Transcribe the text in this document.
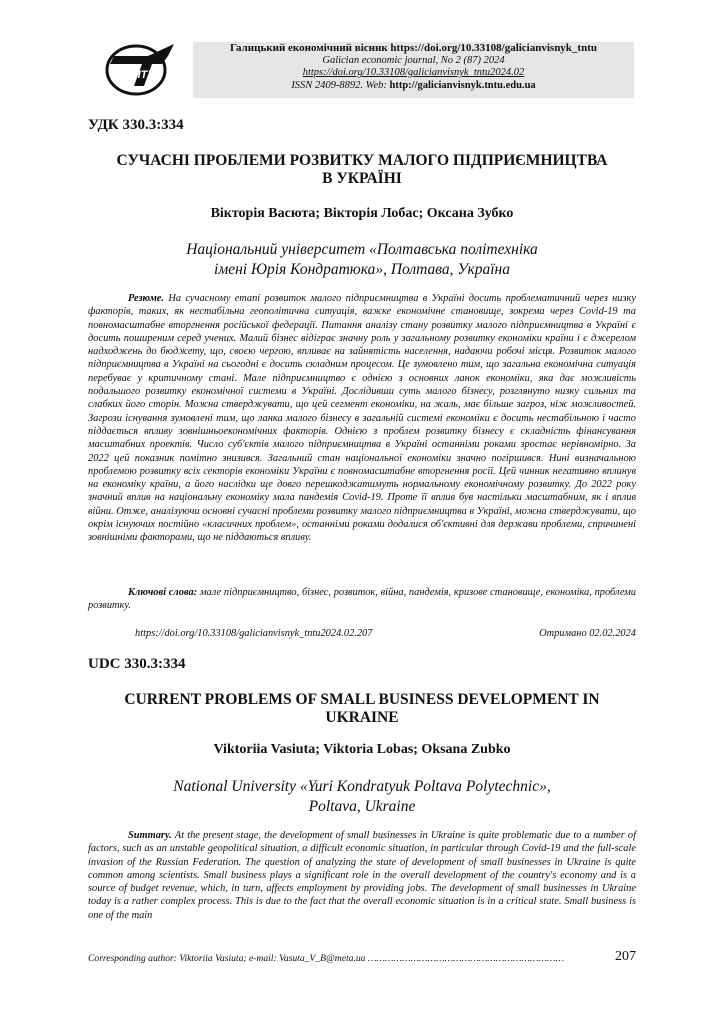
ТНТУ
Галицький економічний вісник https://doi.org/10.33108/galicianvisnyk_tntu
Galician economic journal, No 2 (87) 2024
https://doi.org/10.33108/galicianvisnyk_tntu2024.02
ISSN 2409-8892. Web: http://galicianvisnyk.tntu.edu.ua
УДК 330.3:334
СУЧАСНІ ПРОБЛЕМИ РОЗВИТКУ МАЛОГО ПІДПРИЄМНИЦТВА
В УКРАЇНІ
Вікторія Васюта; Вікторія Лобас; Оксана Зубко
Національний університет «Полтавська політехніка
імені Юрія Кондратюка», Полтава, Україна
Резюме. На сучасному етапі розвиток малого підприємництва в Україні досить проблематичний через низку факторів, таких, як нестабільна геополітична ситуація, важке економічне становище, зокрема через Covid-19 та повномасштабне вторгнення російської федерації. Питання аналізу стану розвитку малого підприємництва в Україні є досить поширеним серед учених. Малий бізнес відіграє значну роль у загальному розвитку економіки країни і є джерелом надходжень до бюджету, що, своєю чергою, впливає на зайнятість населення, надаючи робочі місця. Розвиток малого підприємництва в Україні на сьогодні є досить складним процесом. Це зумовлено тим, що загальна економічна ситуація перебуває у критичному стані. Мале підприємництво є однією з основних ланок економіки, яка дає можливість подальшого розвитку економічної системи в Україні. Дослідивши суть малого бізнесу, розглянуто низку сильних та слабких його сторін. Можна стверджувати, що цей сегмент економіки, на жаль, має більше загроз, ніж можливостей. Загрози існування зумовлені тим, що ланка малого бізнесу в загальній системі економіки є досить нестабільною і часто піддається впливу зовнішньоекономічних факторів. Однією з проблем розвитку бізнесу є складність фінансування масштабних проектів. Число суб'єктів малого підприємництва в Україні останніми роками зростає нерівномірно. За 2022 цей показник помітно знизився. Загальний стан національної економіки значно погіршився. Нині визначальною проблемою розвитку всіх секторів економіки України є повномасштабне вторгнення росії. Цей чинник негативно вплинув на економіку країни, а його наслідки ще довго перешкоджатимуть нормальному економічному розвитку. До 2022 року значний вплив на національну економіку мала пандемія Covid-19. Проте її вплив був настільки масштабним, як і вплив війни. Отже, аналізуючи основні сучасні проблеми розвитку малого підприємництва в Україні, можна стверджувати, що окрім існуючих постійно «класичних проблем», останніми роками додалися об'єктивні для держави проблеми, спричинені зовнішніми факторами, що не піддаються впливу.
Ключові слова: мале підприємництво, бізнес, розвиток, війна, пандемія, кризове становище, економіка, проблеми розвитку.
https://doi.org/10.33108/galicianvisnyk_tntu2024.02.207	Отримано 02.02.2024
UDC 330.3:334
CURRENT PROBLEMS OF SMALL BUSINESS DEVELOPMENT IN
UKRAINE
Viktoriia Vasiuta; Viktoria Lobas; Oksana Zubko
National University «Yuri Kondratyuk Poltava Polytechnic»,
Poltava, Ukraine
Summary. At the present stage, the development of small businesses in Ukraine is quite problematic due to a number of factors, such as an unstable geopolitical situation, a difficult economic situation, in particular through Covid-19 and the full-scale invasion of the Russian Federation. The question of analyzing the state of development of small businesses in Ukraine is quite common among scientists. Small business plays a significant role in the overall development of the country's economy and is a source of budget revenue, which, in turn, affects employment by providing jobs. The development of small businesses in Ukraine today is a rather complex process. This is due to the fact that the overall economic situation is in a critical state. Small business is one of the main
Corresponding author: Viktoriia Vasiuta; e-mail: Vasuta_V_B@meta.ua ……………………………………………………………	207
